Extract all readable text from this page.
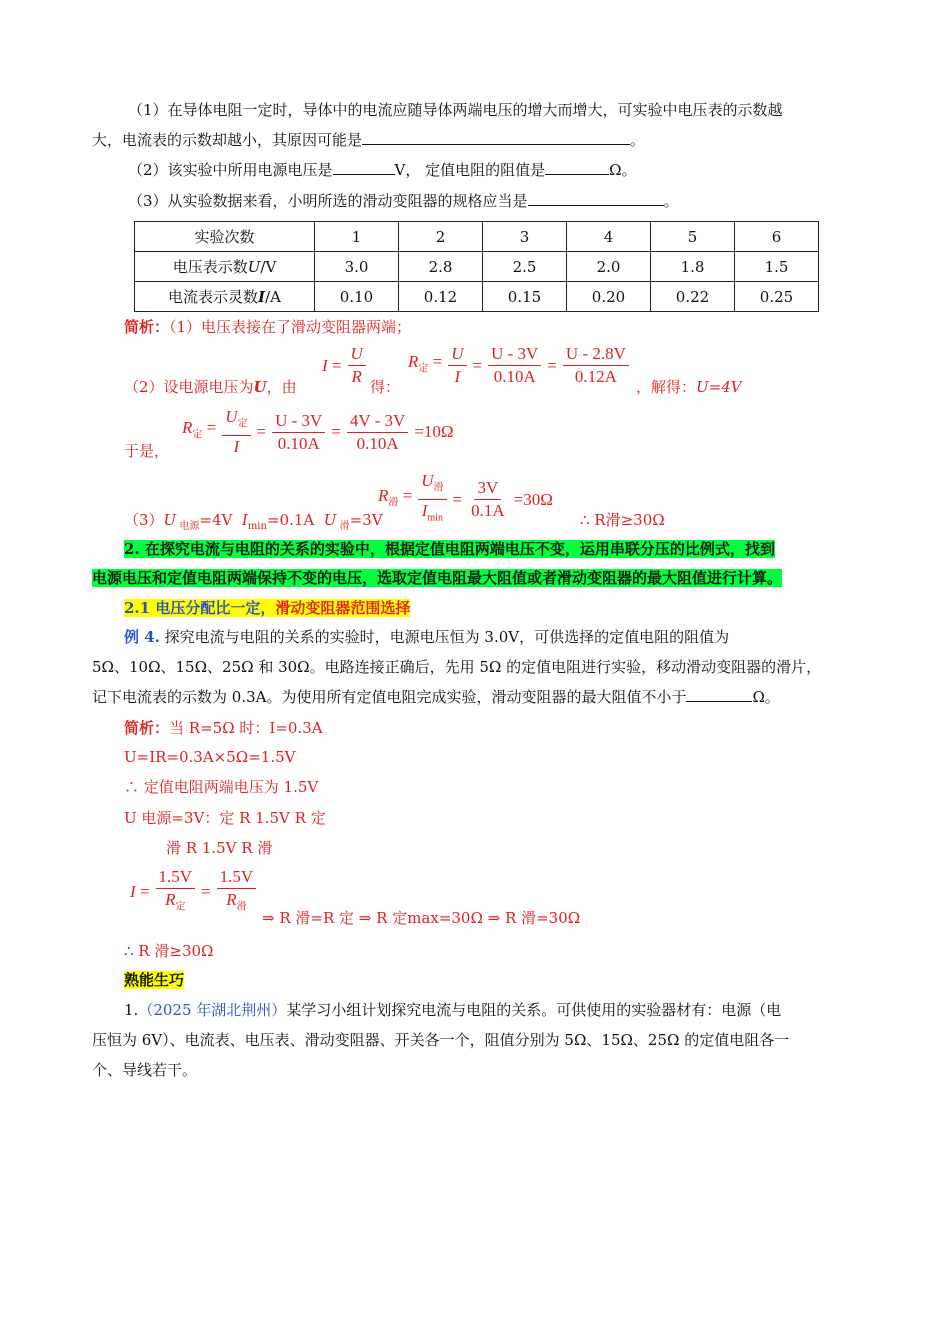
（1）在导体电阻一定时，导体中的电流应随导体两端电压的增大而增大，可实验中电压表的示数越
大，电流表的示数却越小，其原因可能是	。
（2）该实验中所用电源电压是	V， 定值电阻的阻值是	Ω。
（3）从实验数据来看，小明所选的滑动变阻器的规格应当是	。
实验次数	1	2	3	4	5	6
电压表示数U/V	3.0	2.8	2.5	2.0	1.8	1.5
电流表示灵数I/A	0.10	0.12	0.15	0.20	0.22	0.25
简析：（1）电压表接在了滑动变阻器两端；
$I = \frac{U}{R} R_定 = \frac{U}{I} = \frac{U - 3V}{0.10A} = \frac{U - 2.8V}{0.12A}$
（2）设电源电压为U，由	得：	，解得：U=4V
$R_定 = \frac{U_定}{I} = \frac{U - 3V}{0.10A} = \frac{4V - 3V}{0.10A} =10\Omega$
于是，
$R_滑 = \frac{U_滑}{I_{min}} = \frac{3V}{0.1A} =30\Omega$
（3）U $_{电源}$=4V $I_{min}=0.1A$ U $_滑$=3V	∴ R滑≥30Ω
2. 在探究电流与电阻的关系的实验中，根据定值电阻两端电压不变，运用串联分压的比例式，找到
电源电压和定值电阻两端保持不变的电压，选取定值电阻最大阻值或者滑动变阻器的最大阻值进行计算。
2.1 电压分配比一定，滑动变阻器范围选择
例 4. 探究电流与电阻的关系的实验时，电源电压恒为 3.0V，可供选择的定值电阻的阻值为
5Ω、10Ω、15Ω、25Ω 和 30Ω。电路连接正确后，先用 5Ω 的定值电阻进行实验，移动滑动变阻器的滑片，
记下电流表的示数为 0.3A。为使用所有定值电阻完成实验，滑动变阻器的最大阻值不小于	Ω。
简析：当 R=5Ω 时：I=0.3A
U=IR=0.3A×5Ω=1.5V
∴ 定值电阻两端电压为 1.5V
U 电源=3V：定 R 1.5V R 定
滑 R 1.5V R 滑
$I = \frac{1.5V}{R_定} = \frac{1.5V}{R_滑}$ ⇒ R 滑=R 定 ⇒ R 定max=30Ω ⇒ R 滑=30Ω
∴ R 滑≥30Ω
熟能生巧
1.（2025 年湖北荆州）某学习小组计划探究电流与电阻的关系。可供使用的实验器材有：电源（电
压恒为 6V）、电流表、电压表、滑动变阻器、开关各一个，阻值分别为 5Ω、15Ω、25Ω 的定值电阻各一
个、导线若干。
